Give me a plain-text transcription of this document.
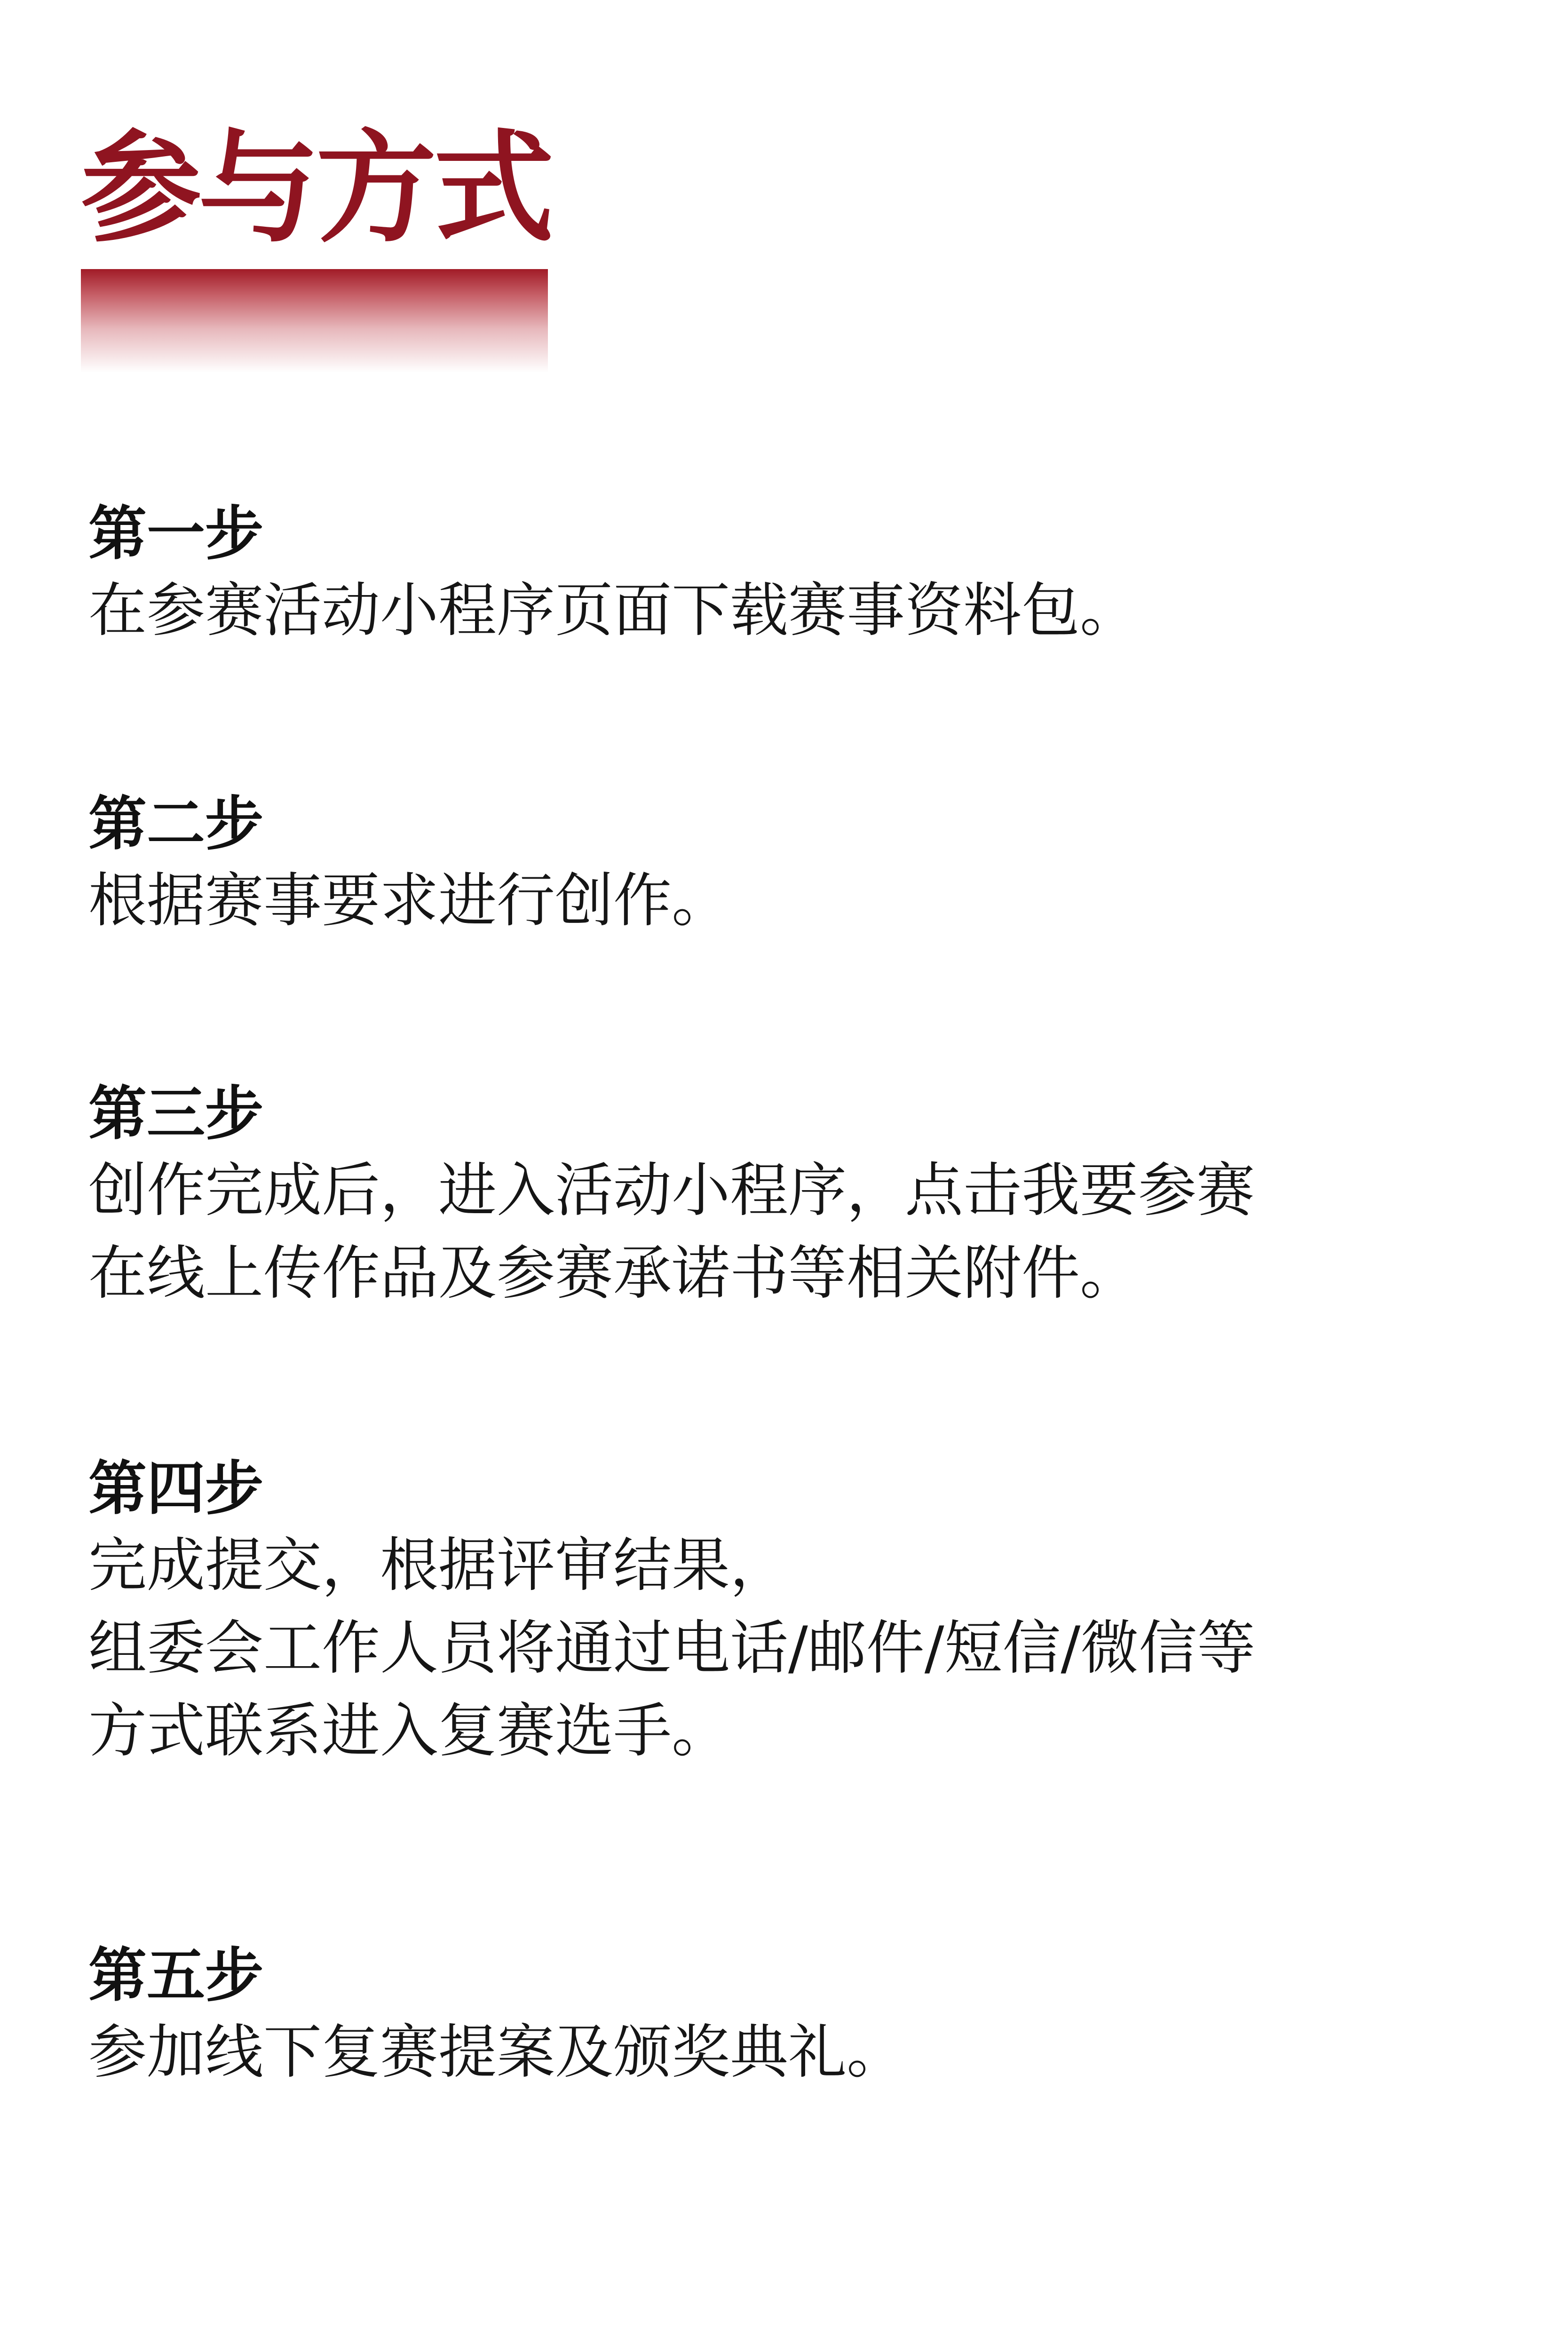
参与方式
第一步

在参赛活动小程序页面下载赛事资料包。

第二步

根据赛事要求进行创作。

第三步

创作完成后，进入活动小程序，点击我要参赛

在线上传作品及参赛承诺书等相关附件。

第四步

完成提交，根据评审结果，

组委会工作人员将通过电话/邮件/短信/微信等

方式联系进入复赛选手。

第五步

参加线下复赛提案及颁奖典礼。
